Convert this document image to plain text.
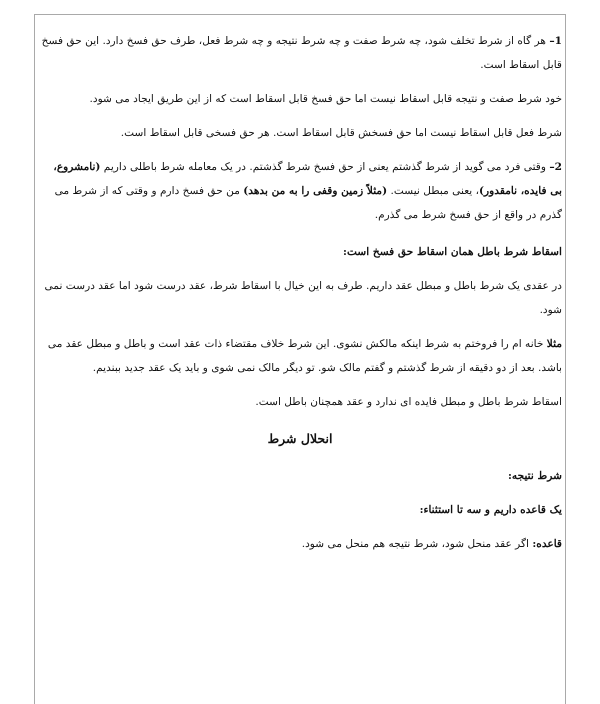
1– هر گاه از شرط تخلف شود، چه شرط صفت و چه شرط نتیجه و چه شرط فعل، طرف حق فسخ دارد. این حق فسخ قابل اسقاط است.

خود شرط صفت و نتیجه قابل اسقاط نیست اما حق فسخ قابل اسقاط است که از این طریق ایجاد می شود.

شرط فعل قابل اسقاط نیست اما حق فسخش قابل اسقاط است. هر حق فسخی قابل اسقاط است.

2– وقتی فرد می گوید از شرط گذشتم یعنی از حق فسخ شرط گذشتم. در یک معامله شرط باطلی داریم (نامشروع، بی فایده، نامقدور)، یعنی مبطل نیست. (مثلاً زمین وقفی را به من بدهد) من حق فسخ دارم و وقتی که از شرط می گذرم در واقع از حق فسخ شرط می گذرم.

اسقاط شرط باطل همان اسقاط حق فسخ است:

در عقدی یک شرط باطل و مبطل عقد داریم. طرف به این خیال با اسقاط شرط، عقد درست شود اما عقد درست نمی شود.

مثلا خانه ام را فروختم به شرط اینکه مالکش نشوی. این شرط خلاف مقتضاء ذات عقد است و باطل و مبطل عقد می باشد. بعد از دو دقیقه از شرط گذشتم و گفتم مالک شو. تو دیگر مالک نمی شوی و باید یک عقد جدید ببندیم.

اسقاط شرط باطل و مبطل فایده ای ندارد و عقد همچنان باطل است.

انحلال شرط

شرط نتیجه:

یک قاعده داریم و سه تا استثناء:

قاعده: اگر عقد منحل شود، شرط نتیجه هم منحل می شود.
